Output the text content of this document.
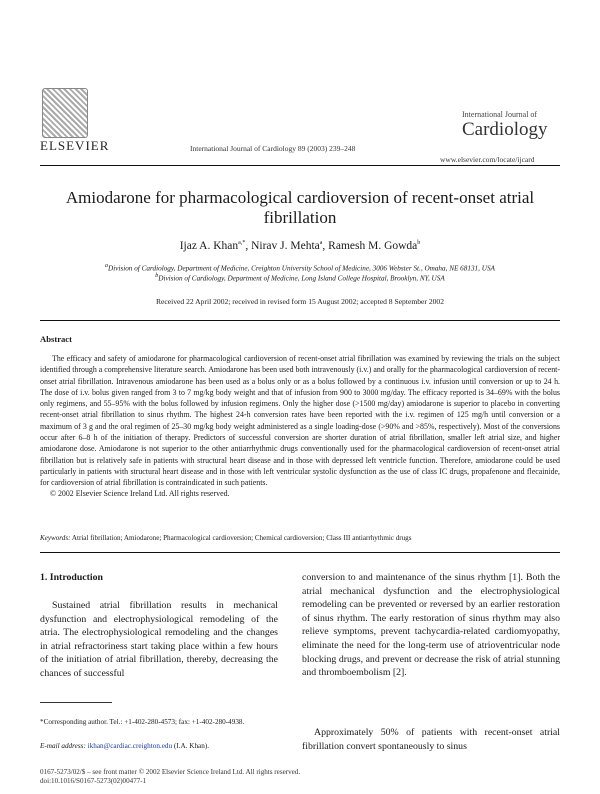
ELSEVIER	International Journal of Cardiology 89 (2003) 239–248
International Journal of
Cardiology
www.elsevier.com/locate/ijcard
Amiodarone for pharmacological cardioversion of recent-onset atrial fibrillation
Ijaz A. Khan$^{a,*}$, Nirav J. Mehta$^a$, Ramesh M. Gowda$^b$
$^a$Division of Cardiology, Department of Medicine, Creighton University School of Medicine, 3006 Webster St., Omaha, NE 68131, USA
$^b$Division of Cardiology, Department of Medicine, Long Island College Hospital, Brooklyn, NY, USA
Received 22 April 2002; received in revised form 15 August 2002; accepted 8 September 2002
Abstract

The efficacy and safety of amiodarone for pharmacological cardioversion of recent-onset atrial fibrillation was examined by reviewing the trials on the subject identified through a comprehensive literature search. Amiodarone has been used both intravenously (i.v.) and orally for the pharmacological cardioversion of recent-onset atrial fibrillation. Intravenous amiodarone has been used as a bolus only or as a bolus followed by a continuous i.v. infusion until conversion or up to 24 h. The dose of i.v. bolus given ranged from 3 to 7 mg/kg body weight and that of infusion from 900 to 3000 mg/day. The efficacy reported is 34–69% with the bolus only regimens, and 55–95% with the bolus followed by infusion regimens. Only the higher dose (>1500 mg/day) amiodarone is superior to placebo in converting recent-onset atrial fibrillation to sinus rhythm. The highest 24-h conversion rates have been reported with the i.v. regimen of 125 mg/h until conversion or a maximum of 3 g and the oral regimen of 25–30 mg/kg body weight administered as a single loading-dose (>90% and >85%, respectively). Most of the conversions occur after 6–8 h of the initiation of therapy. Predictors of successful conversion are shorter duration of atrial fibrillation, smaller left atrial size, and higher amiodarone dose. Amiodarone is not superior to the other antiarrhythmic drugs conventionally used for the pharmacological cardioversion of recent-onset atrial fibrillation but is relatively safe in patients with structural heart disease and in those with depressed left ventricle function. Therefore, amiodarone could be used particularly in patients with structural heart disease and in those with left ventricular systolic dysfunction as the use of class IC drugs, propafenone and flecainide, for cardioversion of atrial fibrillation is contraindicated in such patients.

© 2002 Elsevier Science Ireland Ltd. All rights reserved.
Keywords: Atrial fibrillation; Amiodarone; Pharmacological cardioversion; Chemical cardioversion; Class III antiarrhythmic drugs
1. Introduction

Sustained atrial fibrillation results in mechanical dysfunction and electrophysiological remodeling of the atria. The electrophysiological remodeling and the changes in atrial refractoriness start taking place within a few hours of the initiation of atrial fibrillation, thereby, decreasing the chances of successful

conversion to and maintenance of the sinus rhythm [1]. Both the atrial mechanical dysfunction and the electrophysiological remodeling can be prevented or reversed by an earlier restoration of sinus rhythm. The early restoration of sinus rhythm may also relieve symptoms, prevent tachycardia-related cardiomyopathy, eliminate the need for the long-term use of atrioventricular node blocking drugs, and prevent or decrease the risk of atrial stunning and thromboembolism [2].

Approximately 50% of patients with recent-onset atrial fibrillation convert spontaneously to sinus

*Corresponding author. Tel.: +1-402-280-4573; fax: +1-402-280-4938.
E-mail address: ikhan@cardiac.creighton.edu (I.A. Khan).
0167-5273/02/$ – see front matter © 2002 Elsevier Science Ireland Ltd. All rights reserved.
doi:10.1016/S0167-5273(02)00477-1
